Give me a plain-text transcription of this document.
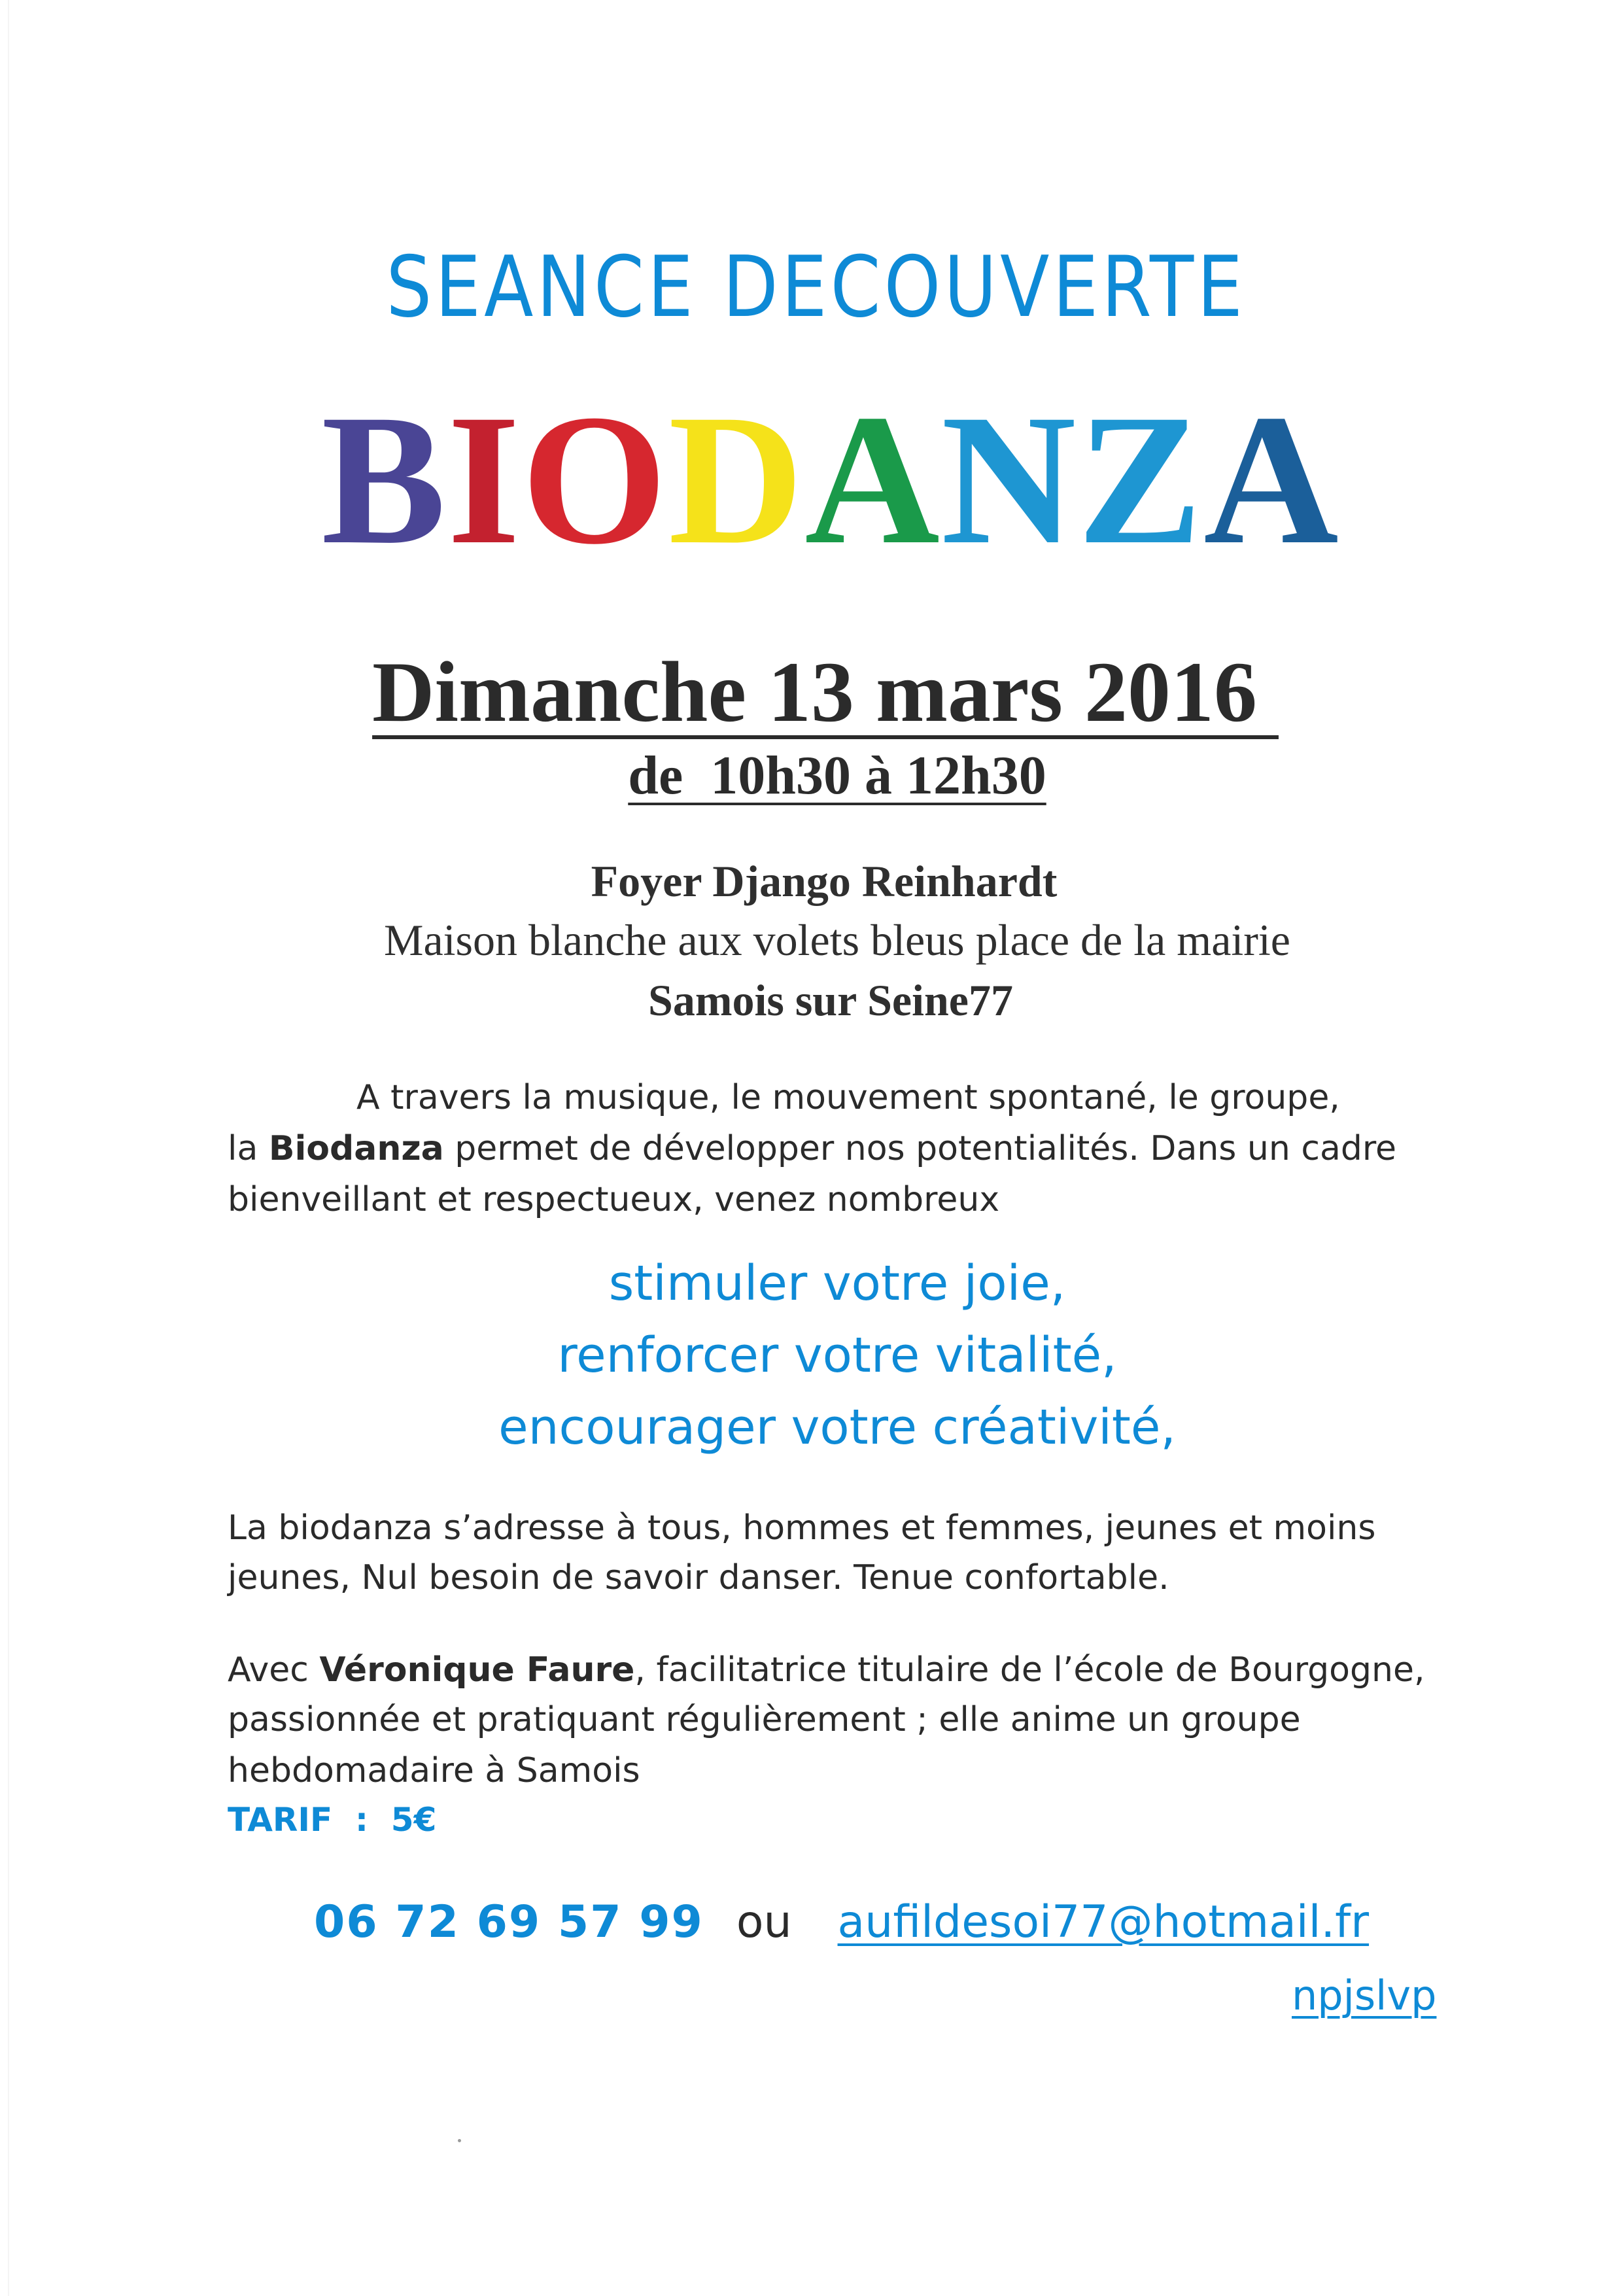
SEANCE DECOUVERTE
BIODANZA
Dimanche 13 mars 2016
de  10h30 à 12h30
Foyer Django Reinhardt
Maison blanche aux volets bleus place de la mairie
Samois sur Seine77
A travers la musique, le mouvement spontané, le groupe,
la Biodanza permet de développer nos potentialités. Dans un cadre
bienveillant et respectueux, venez nombreux
stimuler votre joie,
renforcer votre vitalité,
encourager votre créativité,
La biodanza s’adresse à tous, hommes et femmes, jeunes et moins
jeunes, Nul besoin de savoir danser. Tenue confortable.
Avec Véronique Faure, facilitatrice titulaire de l’école de Bourgogne,
passionnée et pratiquant régulièrement ; elle anime un groupe
hebdomadaire à Samois
TARIF  :  5€
06 72 69 57 99 ou aufildesoi77@hotmail.fr
npjslvp
